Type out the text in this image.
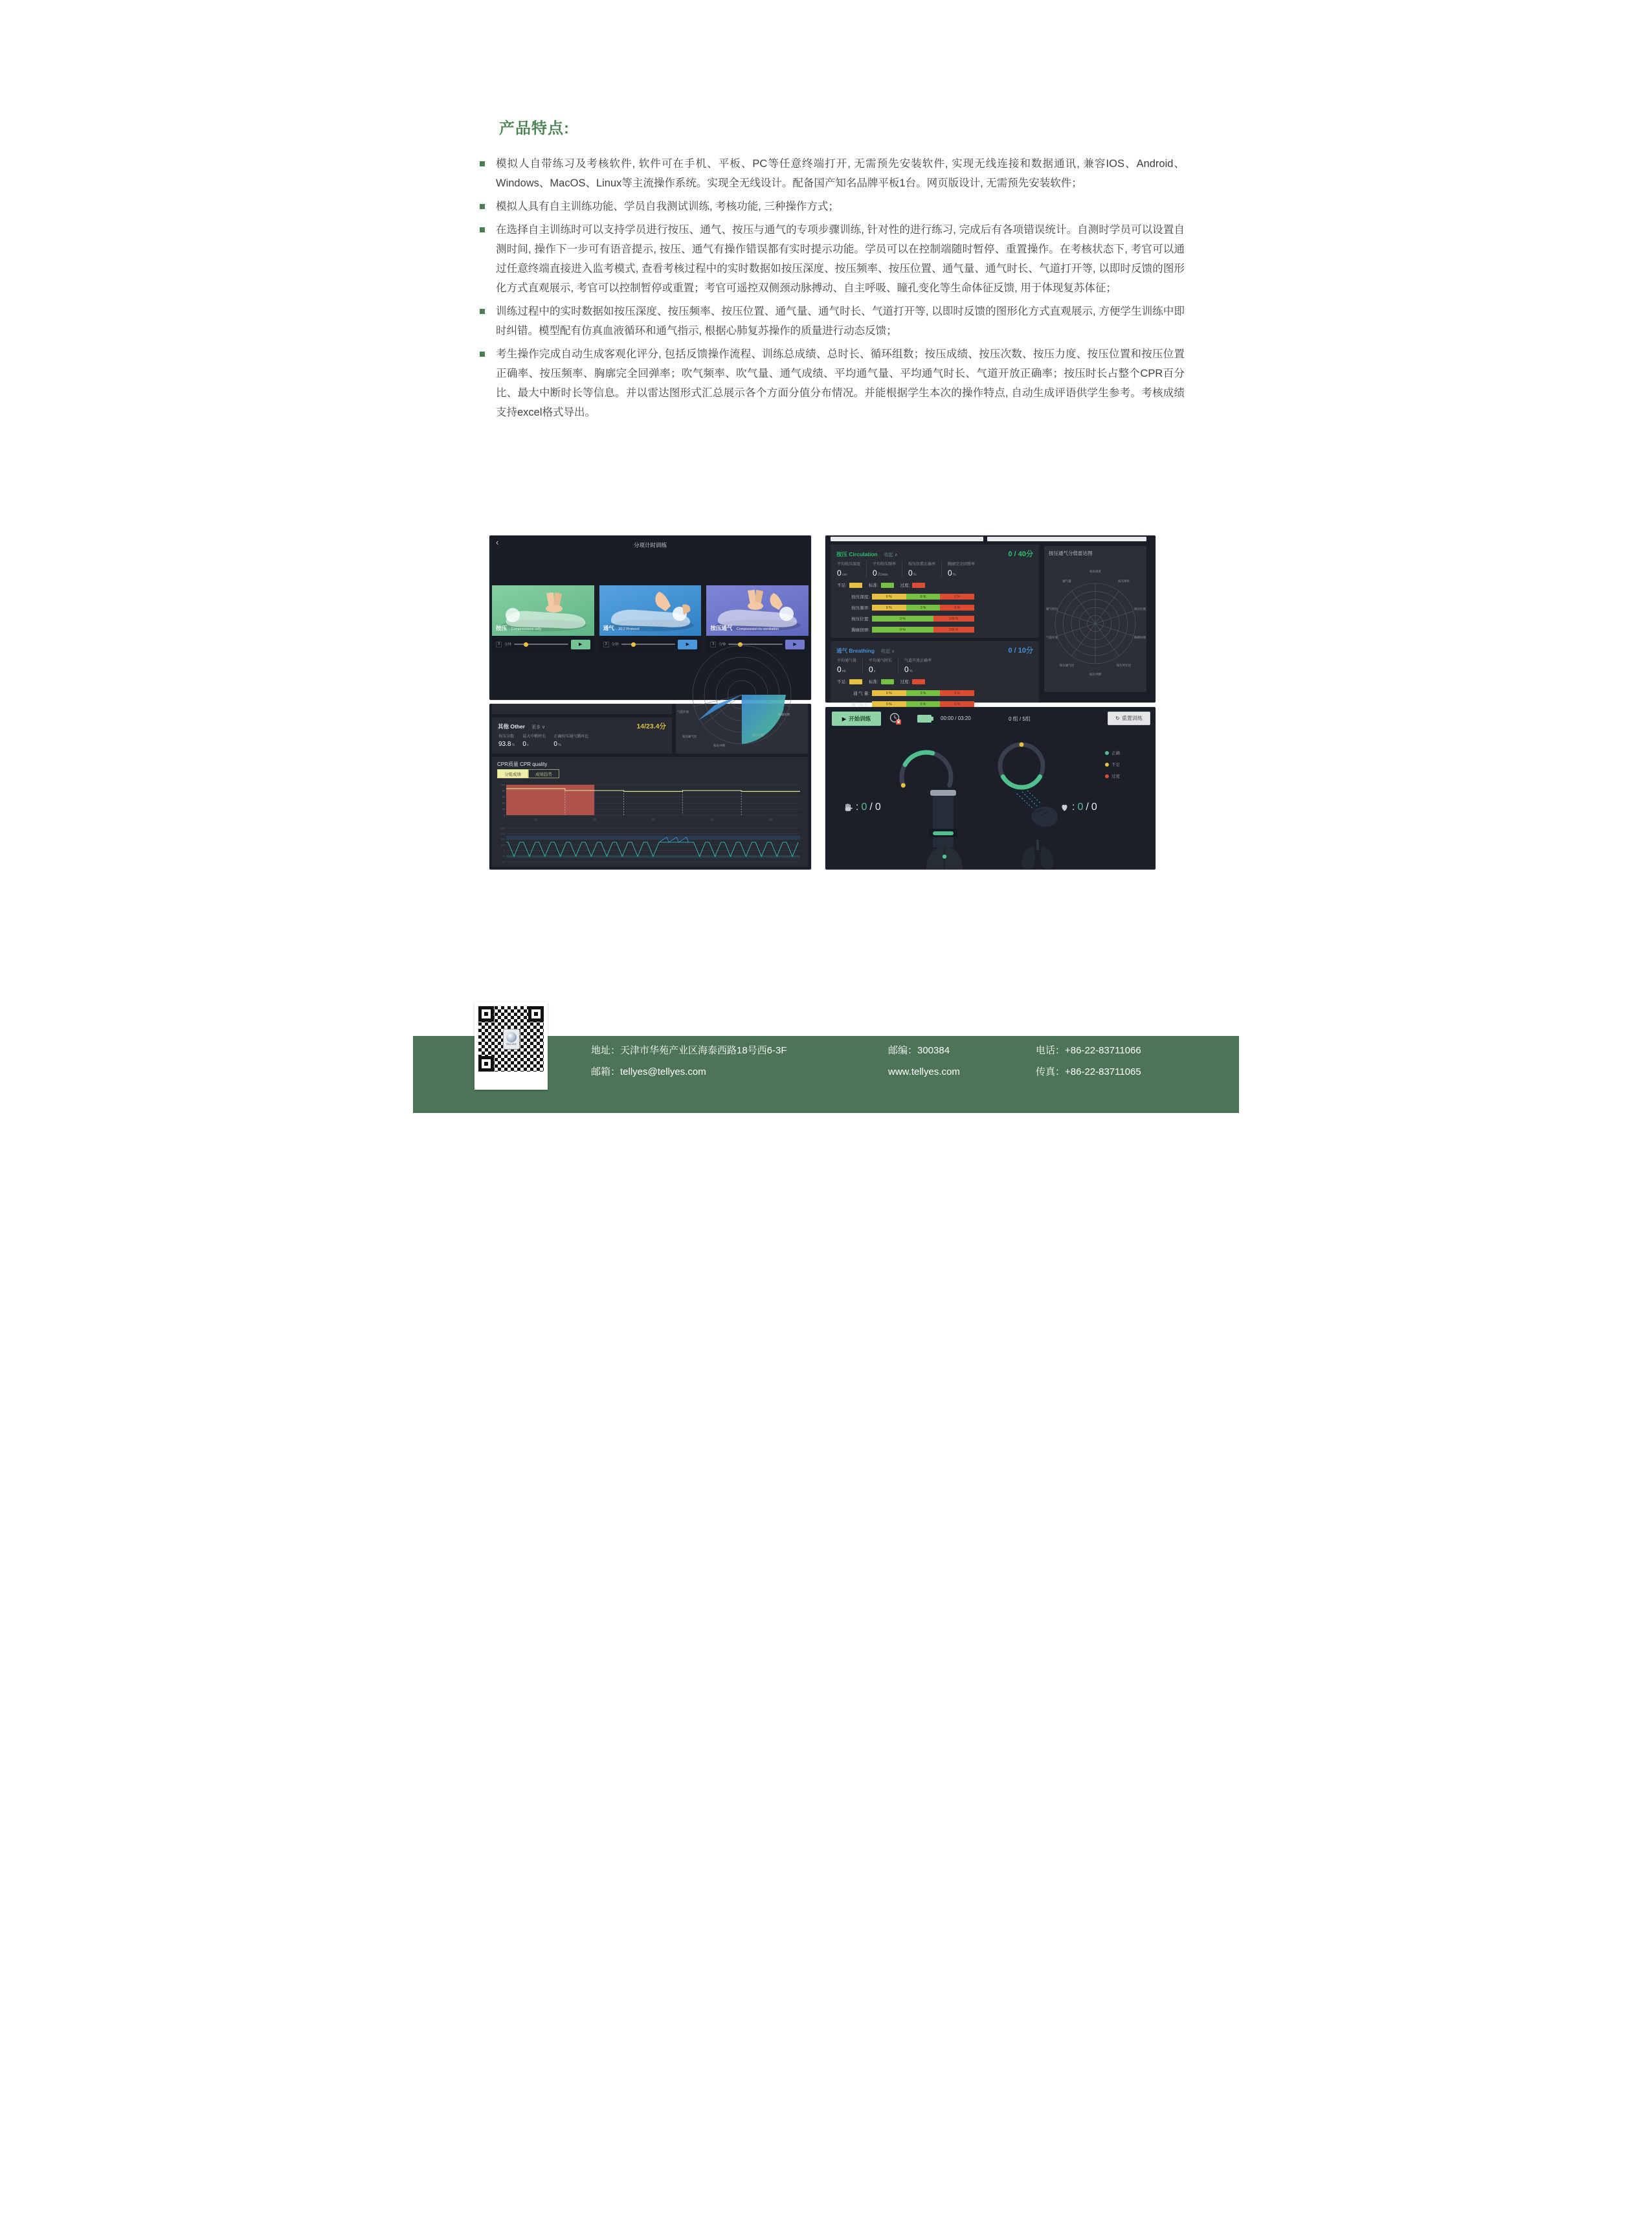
产品特点:
模拟人自带练习及考核软件, 软件可在手机、平板、PC等任意终端打开, 无需预先安装软件, 实现无线连接和数据通讯, 兼容IOS、Android、Windows、MacOS、Linux等主流操作系统。实现全无线设计。配备国产知名品牌平板1台。网页版设计, 无需预先安装软件；
模拟人具有自主训练功能、学员自我测试训练, 考核功能, 三种操作方式；
在选择自主训练时可以支持学员进行按压、通气、按压与通气的专项步骤训练, 针对性的进行练习, 完成后有各项错误统计。自测时学员可以设置自测时间, 操作下一步可有语音提示, 按压、通气有操作错误都有实时提示功能。学员可以在控制端随时暂停、重置操作。在考核状态下, 考官可以通过任意终端直接进入监考模式, 查看考核过程中的实时数据如按压深度、按压频率、按压位置、通气量、通气时长、气道打开等, 以即时反馈的图形化方式直观展示, 考官可以控制暂停或重置；考官可遥控双侧颈动脉搏动、自主呼吸、瞳孔变化等生命体征反馈, 用于体现复苏体征；
训练过程中的实时数据如按压深度、按压频率、按压位置、通气量、通气时长、气道打开等, 以即时反馈的图形化方式直观展示, 方便学生训练中即时纠错。模型配有仿真血液循环和通气指示, 根据心肺复苏操作的质量进行动态反馈；
考生操作完成自动生成客观化评分, 包括反馈操作流程、训练总成绩、总时长、循环组数；按压成绩、按压次数、按压力度、按压位置和按压位置正确率、按压频率、胸廓完全回弹率；吹气频率、吹气量、通气成绩、平均通气量、平均通气时长、气道开放正确率；按压时长占整个CPR百分比、最大中断时长等信息。并以雷达图形式汇总展示各个方面分值分布情况。并能根据学生本次的操作特点, 自动生成评语供学生参考。考核成绩支持excel格式导出。
‹	分项计时训练
按压 Compressions only
3	分钟	▶
通气 30:2 Protocol
3	分钟	▶
按压通气 Compression-to-ventilation
3	分钟	▶
按压 Circulation 收起 ∧	0 / 40分
平均按压深度
0cm
平均按压频率
0次/min
按压位置正确率
0%
胸廓完全回弹率
0%
不足:	标准:	过度:
按压深度:	0 %	0 %	0 %
按压频率:	0 %	0 %	0 %
按压位置:	0 %	100 %
胸廓回弹:	0 %	100 %
通气 Breathing 收起 ∧	0 / 10分
平均通气量
0ml
平均通气时长
0s
气道开放正确率
0%
不足:	标准:	过度:
通 气 量:	0 %	0 %	0 %
通气时长:	0 %	0 %	0 %
按压通气分值雷达图
按压深度
按压频率
按压位置
胸廓回弹
按压时长比
按压中断
按压通气比
气道开放
通气时比
通气量
气道开放
胸廓回弹
按压分数
按压中断
按压通气比
其他 Other 更多 ∨	14/23.4分
按压分数
93.8%
最大中断时长
0s
正确按压通气循环比
0%
CPR质量 CPR quality
分组成绩	成绩趋势
100
80
60
40
20
0
1组	2组	3组	4组	5组
1200
900
600
300
0
-30
-60
▶ 开始训练	00:00 / 03:20	0 组 / 5组	↻ 重置训练
正确
不足
过度
: 0 / 0	: 0 / 0
TELLYES
地址：天津市华苑产业区海泰西路18号西6-3F
邮箱：tellyes@tellyes.com
邮编：300384
www.tellyes.com
电话：+86-22-83711066
传真：+86-22-83711065
